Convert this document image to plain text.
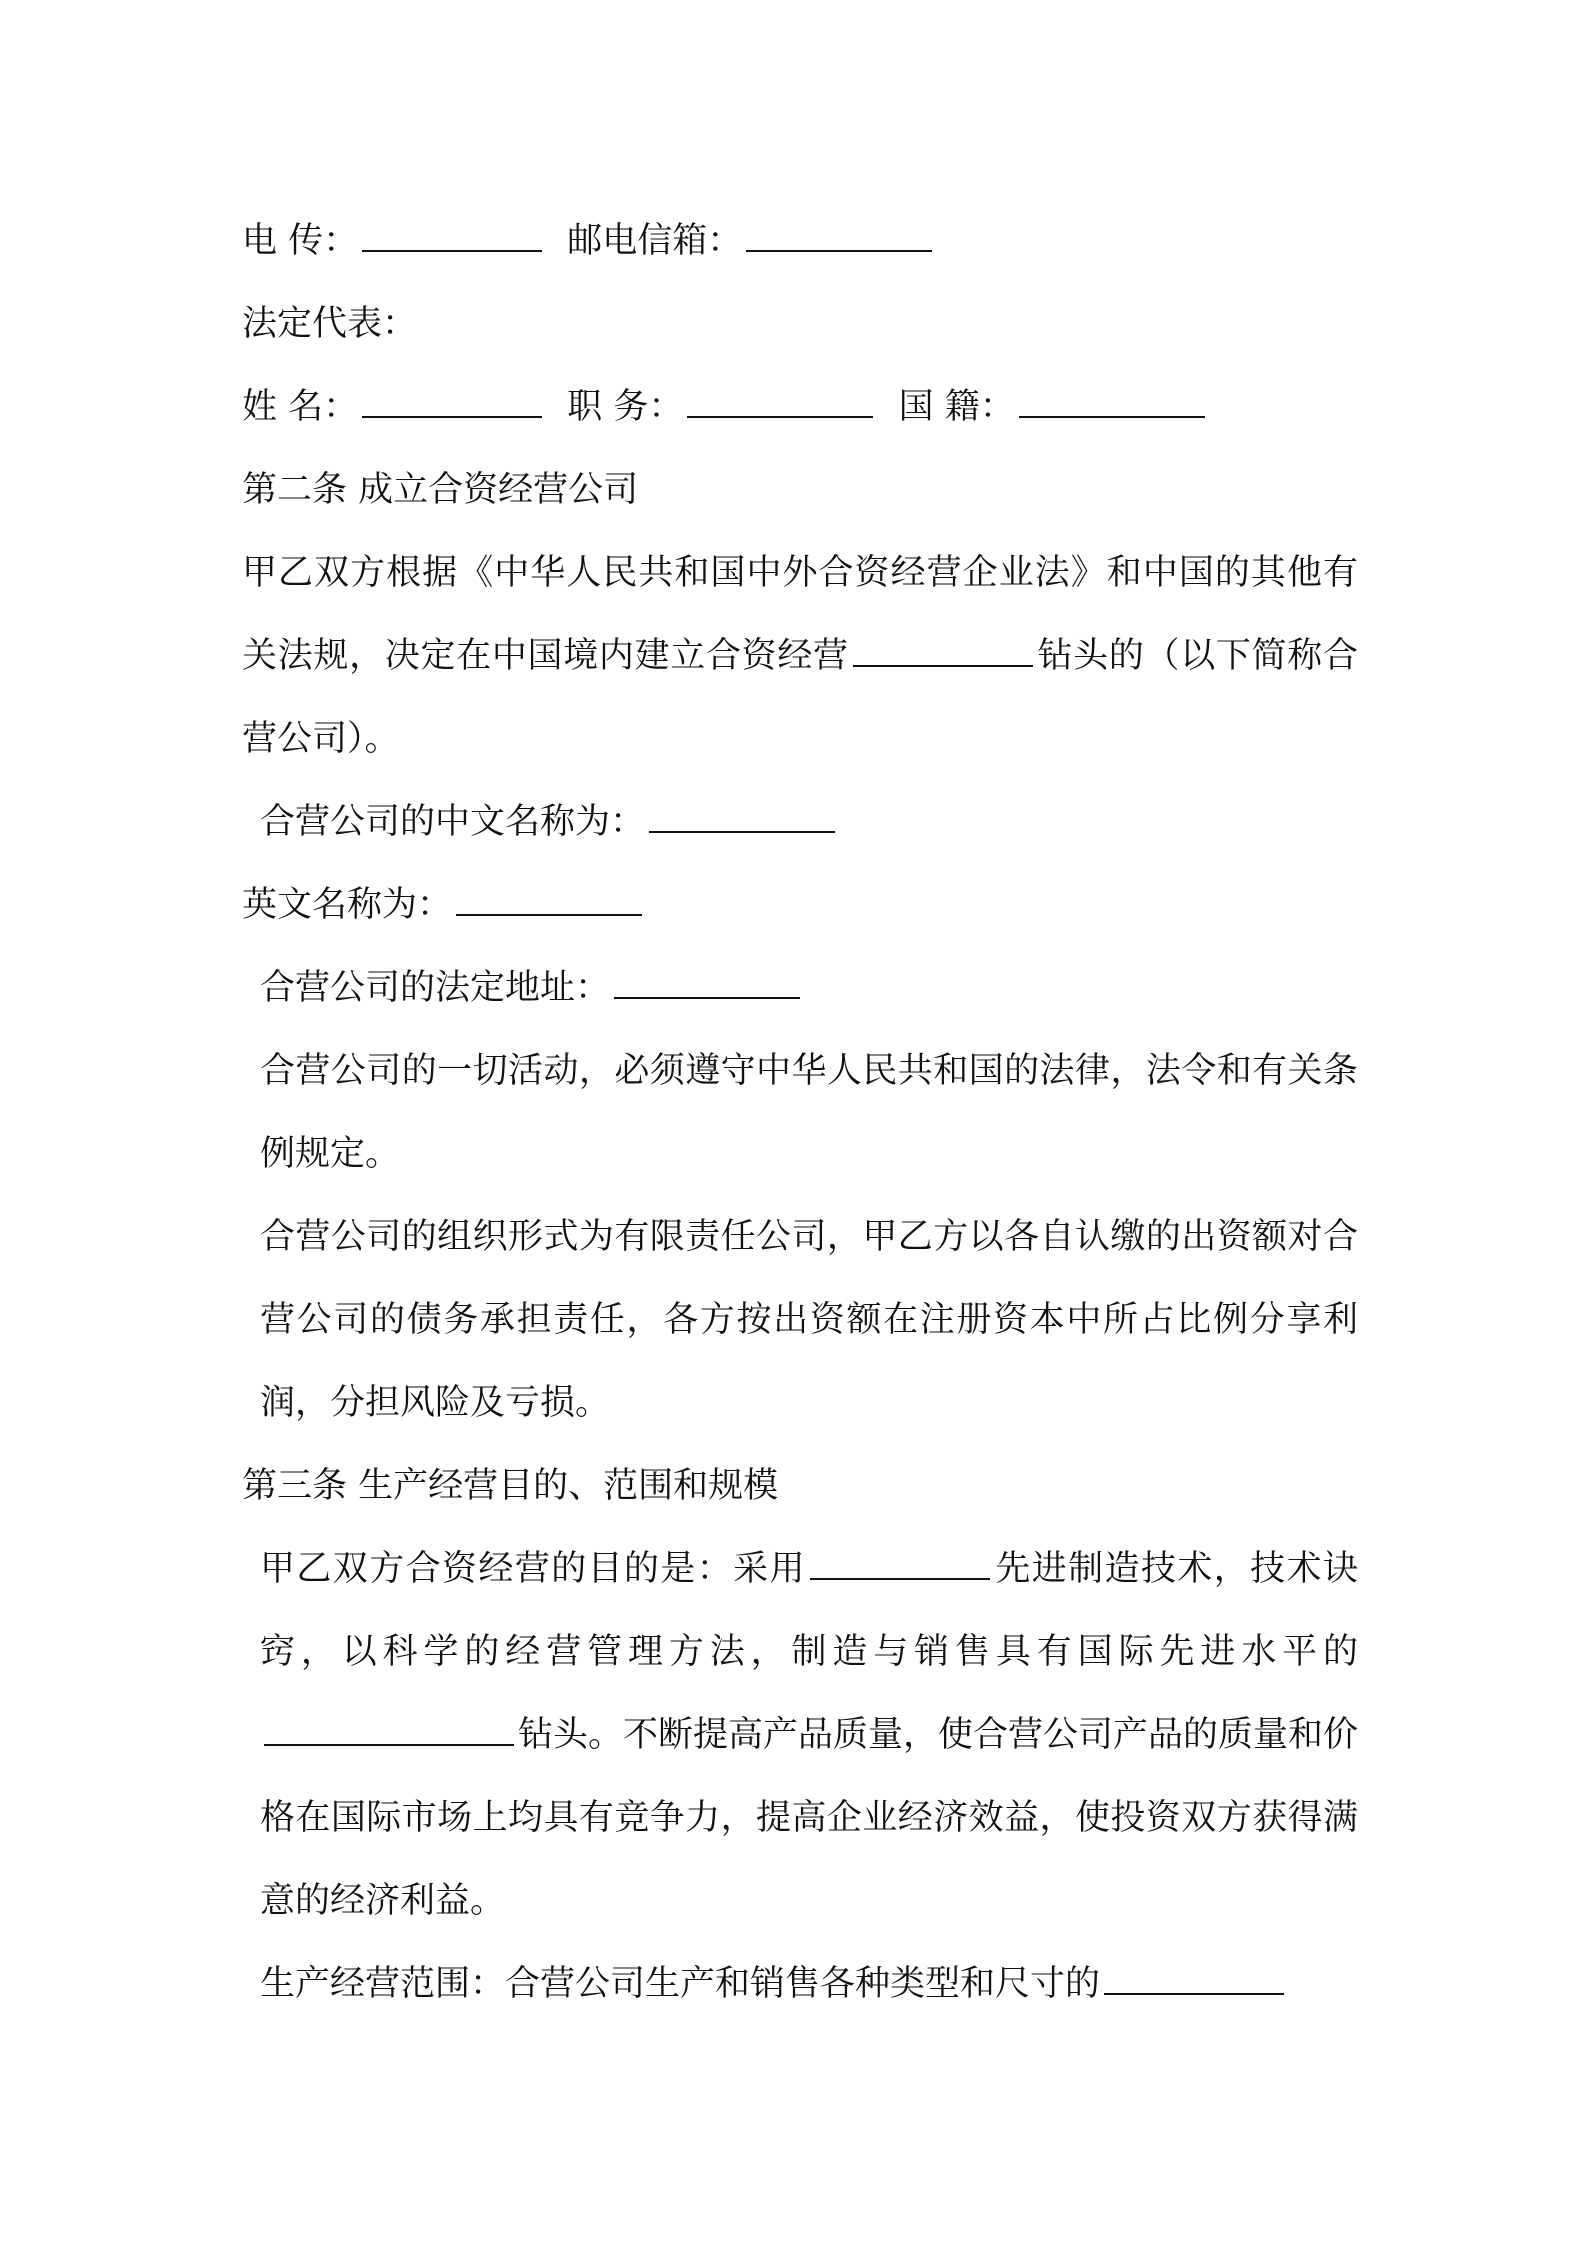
电 传：	邮电信箱：
法定代表：
姓 名：	职 务：	国 籍：
第二条 成立合资经营公司
甲乙双方根据《中华人民共和国中外合资经营企业法》和中国的其他有关法规，决定在中国境内建立合资经营	钻头的（以下简称合营公司）。
合营公司的中文名称为：
英文名称为：
合营公司的法定地址：
合营公司的一切活动，必须遵守中华人民共和国的法律，法令和有关条例规定。
合营公司的组织形式为有限责任公司，甲乙方以各自认缴的出资额对合营公司的债务承担责任，各方按出资额在注册资本中所占比例分享利润，分担风险及亏损。
第三条 生产经营目的、范围和规模
甲乙双方合资经营的目的是：采用	先进制造技术，技术诀窍，以科学的经营管理方法，制造与销售具有国际先进水平的钻头。不断提高产品质量，使合营公司产品的质量和价格在国际市场上均具有竞争力，提高企业经济效益，使投资双方获得满意的经济利益。
生产经营范围：合营公司生产和销售各种类型和尺寸的
